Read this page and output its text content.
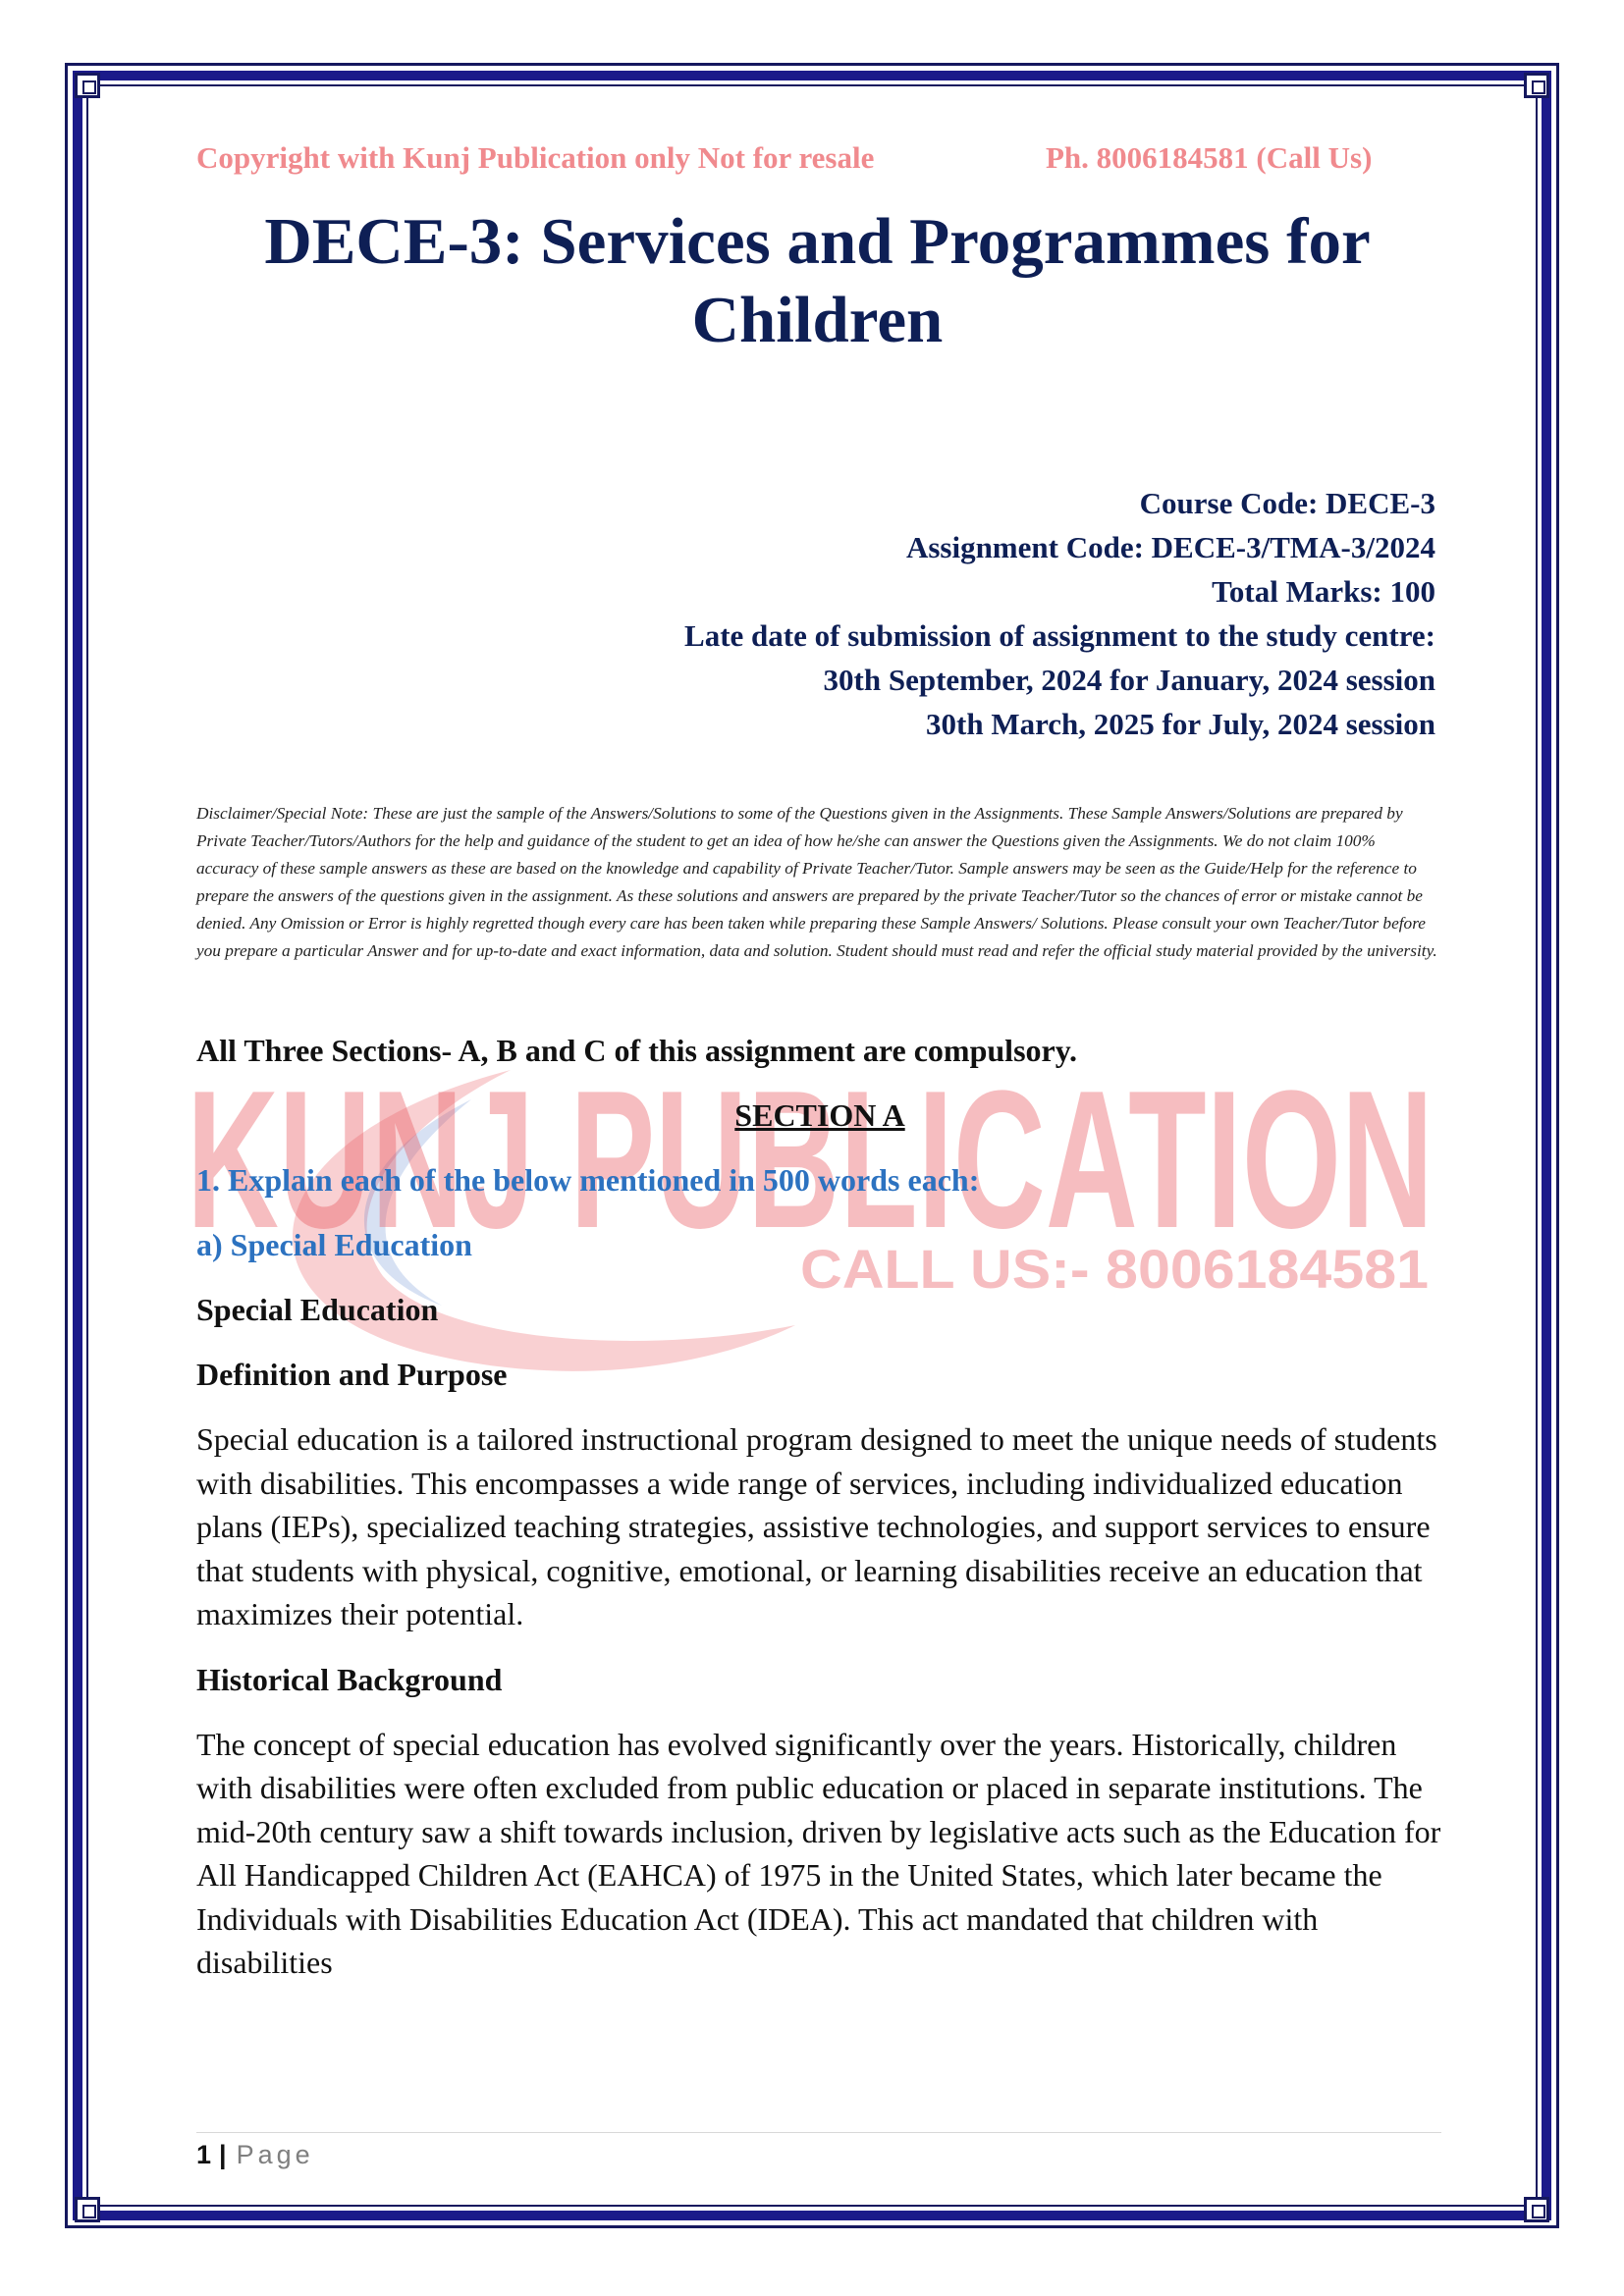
KUNJ PUBLICATION
CALL US:- 8006184581
Copyright with Kunj Publication only Not for resale	Ph. 8006184581 (Call Us)
DECE-3: Services and Programmes for Children
Course Code: DECE-3
Assignment Code: DECE-3/TMA-3/2024
Total Marks: 100
Late date of submission of assignment to the study centre:
30th September, 2024 for January, 2024 session
30th March, 2025 for July, 2024 session
Disclaimer/Special Note: These are just the sample of the Answers/Solutions to some of the Questions given in the Assignments. These Sample Answers/Solutions are prepared by Private Teacher/Tutors/Authors for the help and guidance of the student to get an idea of how he/she can answer the Questions given the Assignments. We do not claim 100% accuracy of these sample answers as these are based on the knowledge and capability of Private Teacher/Tutor. Sample answers may be seen as the Guide/Help for the reference to prepare the answers of the questions given in the assignment. As these solutions and answers are prepared by the private Teacher/Tutor so the chances of error or mistake cannot be denied. Any Omission or Error is highly regretted though every care has been taken while preparing these Sample Answers/ Solutions. Please consult your own Teacher/Tutor before you prepare a particular Answer and for up-to-date and exact information, data and solution. Student should must read and refer the official study material provided by the university.
All Three Sections- A, B and C of this assignment are compulsory.
SECTION A
1. Explain each of the below mentioned in 500 words each:
a) Special Education
Special Education
Definition and Purpose
Special education is a tailored instructional program designed to meet the unique needs of students with disabilities. This encompasses a wide range of services, including individualized education plans (IEPs), specialized teaching strategies, assistive technologies, and support services to ensure that students with physical, cognitive, emotional, or learning disabilities receive an education that maximizes their potential.
Historical Background
The concept of special education has evolved significantly over the years. Historically, children with disabilities were often excluded from public education or placed in separate institutions. The mid-20th century saw a shift towards inclusion, driven by legislative acts such as the Education for All Handicapped Children Act (EAHCA) of 1975 in the United States, which later became the Individuals with Disabilities Education Act (IDEA). This act mandated that children with disabilities
1 | Page
